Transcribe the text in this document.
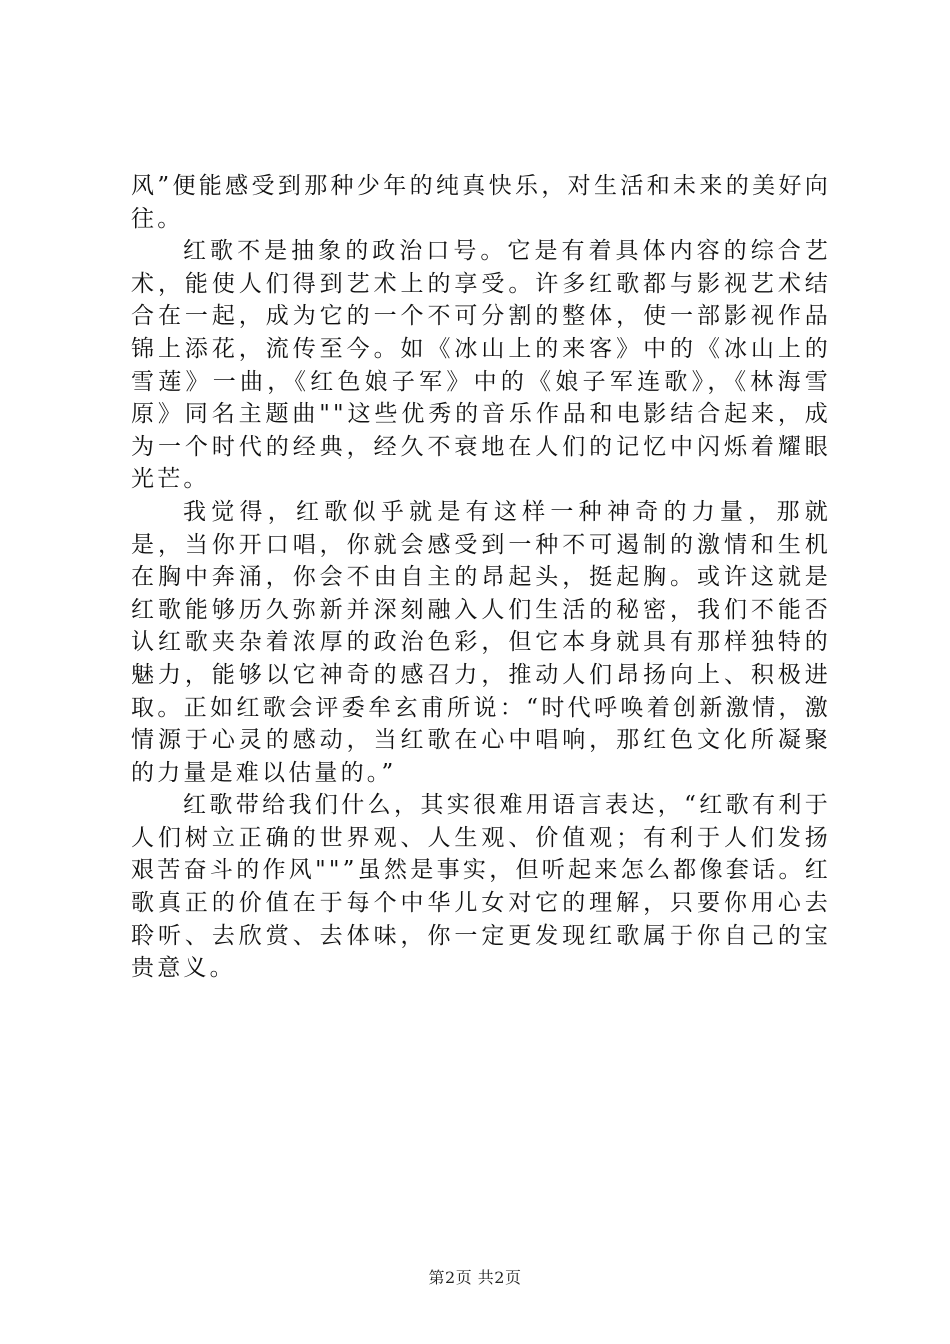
风”便能感受到那种少年的纯真快乐，对生活和未来的美好向往。

红歌不是抽象的政治口号。它是有着具体内容的综合艺术，能使人们得到艺术上的享受。许多红歌都与影视艺术结合在一起，成为它的一个不可分割的整体，使一部影视作品锦上添花，流传至今。如《冰山上的来客》中的《冰山上的雪莲》一曲，《红色娘子军》中的《娘子军连歌》，《林海雪原》同名主题曲""这些优秀的音乐作品和电影结合起来，成为一个时代的经典，经久不衰地在人们的记忆中闪烁着耀眼光芒。

我觉得，红歌似乎就是有这样一种神奇的力量，那就是，当你开口唱，你就会感受到一种不可遏制的激情和生机在胸中奔涌，你会不由自主的昂起头，挺起胸。或许这就是红歌能够历久弥新并深刻融入人们生活的秘密，我们不能否认红歌夹杂着浓厚的政治色彩，但它本身就具有那样独特的魅力，能够以它神奇的感召力，推动人们昂扬向上、积极进取。正如红歌会评委牟玄甫所说：“时代呼唤着创新激情，激情源于心灵的感动，当红歌在心中唱响，那红色文化所凝聚的力量是难以估量的。”

红歌带给我们什么，其实很难用语言表达，“红歌有利于人们树立正确的世界观、人生观、价值观；有利于人们发扬艰苦奋斗的作风""”虽然是事实，但听起来怎么都像套话。红歌真正的价值在于每个中华儿女对它的理解，只要你用心去聆听、去欣赏、去体味，你一定更发现红歌属于你自己的宝贵意义。

第2页 共2页
